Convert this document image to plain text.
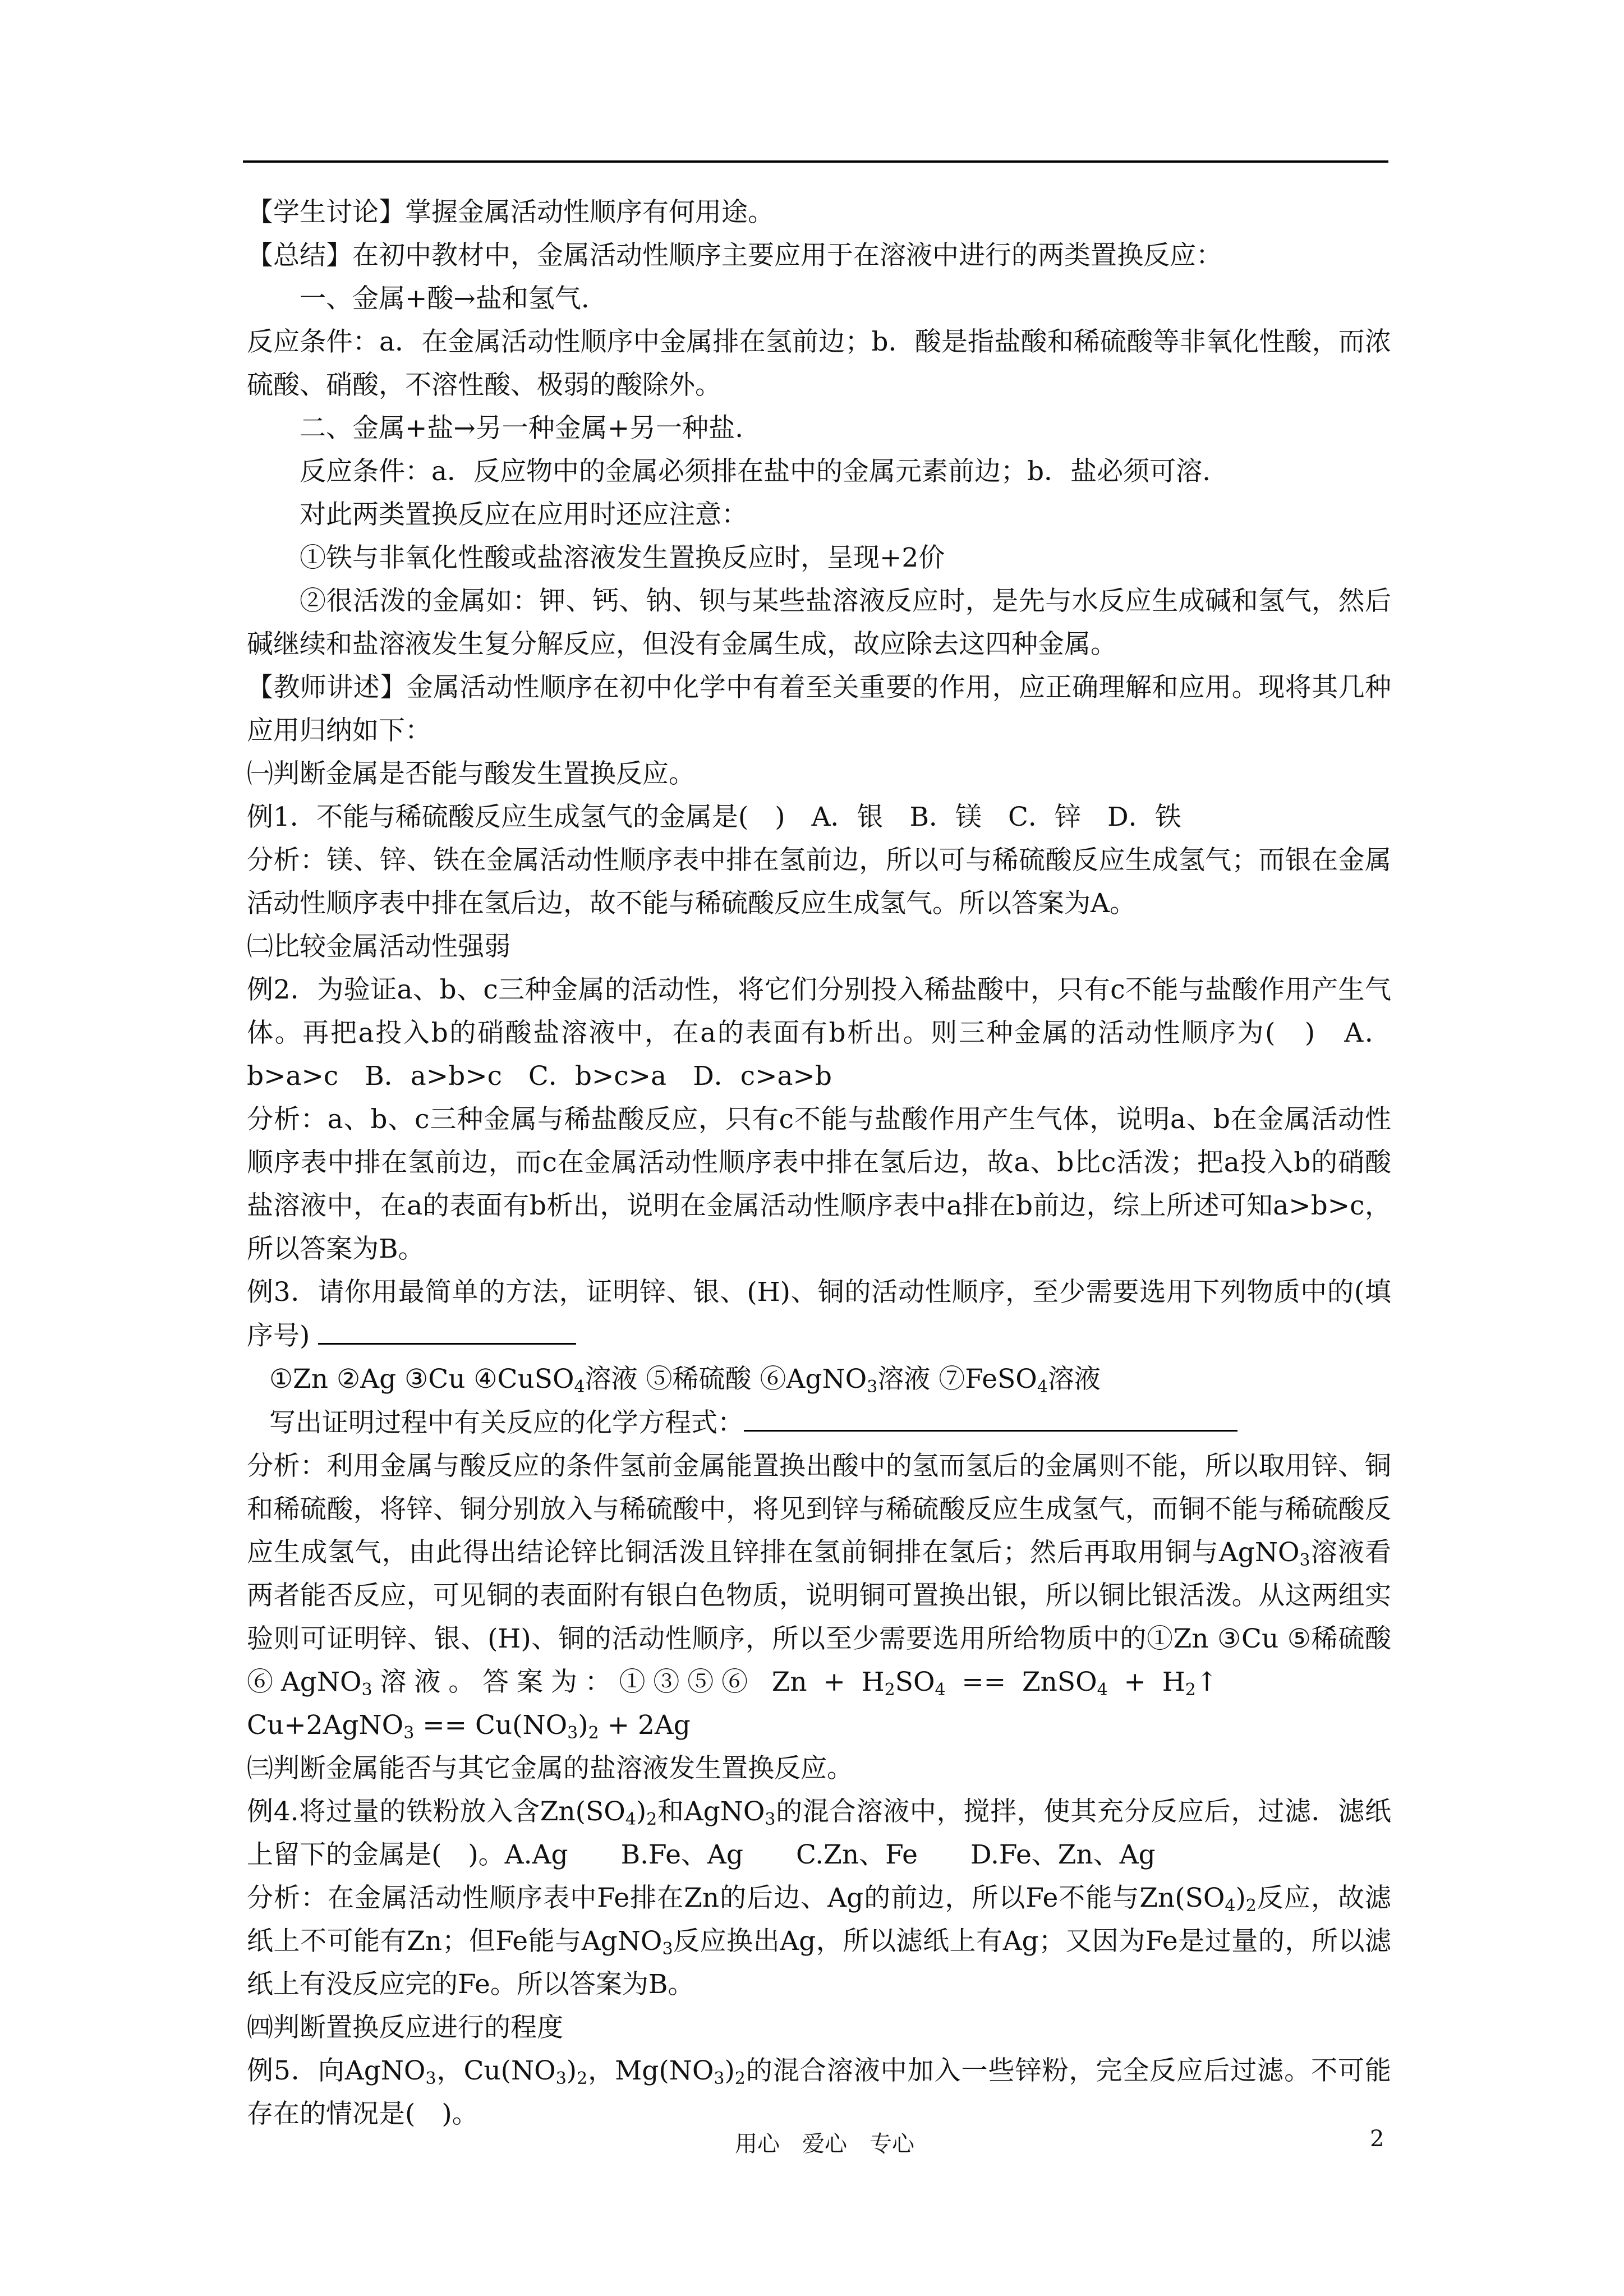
【学生讨论】掌握金属活动性顺序有何用途。

【总结】在初中教材中，金属活动性顺序主要应用于在溶液中进行的两类置换反应：

一、金属+酸→盐和氢气.

反应条件：a．在金属活动性顺序中金属排在氢前边；b．酸是指盐酸和稀硫酸等非氧化性酸，而浓硫酸、硝酸，不溶性酸、极弱的酸除外。

二、金属+盐→另一种金属+另一种盐.

反应条件：a．反应物中的金属必须排在盐中的金属元素前边；b．盐必须可溶.

对此两类置换反应在应用时还应注意：

①铁与非氧化性酸或盐溶液发生置换反应时，呈现+2价

②很活泼的金属如：钾、钙、钠、钡与某些盐溶液反应时，是先与水反应生成碱和氢气，然后碱继续和盐溶液发生复分解反应，但没有金属生成，故应除去这四种金属。

【教师讲述】金属活动性顺序在初中化学中有着至关重要的作用，应正确理解和应用。现将其几种应用归纳如下：

㈠判断金属是否能与酸发生置换反应。

例1．不能与稀硫酸反应生成氢气的金属是(　)　A．银　B．镁　C．锌　D．铁

分析：镁、锌、铁在金属活动性顺序表中排在氢前边，所以可与稀硫酸反应生成氢气；而银在金属活动性顺序表中排在氢后边，故不能与稀硫酸反应生成氢气。所以答案为A。

㈡比较金属活动性强弱

例2．为验证a、b、c三种金属的活动性，将它们分别投入稀盐酸中，只有c不能与盐酸作用产生气体。再把a投入b的硝酸盐溶液中，在a的表面有b析出。则三种金属的活动性顺序为(　)　A．b>a>c　B．a>b>c　C．b>c>a　D．c>a>b

分析：a、b、c三种金属与稀盐酸反应，只有c不能与盐酸作用产生气体，说明a、b在金属活动性顺序表中排在氢前边，而c在金属活动性顺序表中排在氢后边，故a、b比c活泼；把a投入b的硝酸盐溶液中，在a的表面有b析出，说明在金属活动性顺序表中a排在b前边，综上所述可知a>b>c，所以答案为B。

例3．请你用最简单的方法，证明锌、银、(H)、铜的活动性顺序，至少需要选用下列物质中的(填序号)

①Zn ②Ag ③Cu ④CuSO$_4$溶液 ⑤稀硫酸 ⑥AgNO$_3$溶液 ⑦FeSO$_4$溶液

写出证明过程中有关反应的化学方程式：

分析：利用金属与酸反应的条件氢前金属能置换出酸中的氢而氢后的金属则不能，所以取用锌、铜和稀硫酸，将锌、铜分别放入与稀硫酸中，将见到锌与稀硫酸反应生成氢气，而铜不能与稀硫酸反应生成氢气，由此得出结论锌比铜活泼且锌排在氢前铜排在氢后；然后再取用铜与AgNO$_3$溶液看两者能否反应，可见铜的表面附有银白色物质，说明铜可置换出银，所以铜比银活泼。从这两组实验则可证明锌、银、(H)、铜的活动性顺序，所以至少需要选用所给物质中的①Zn ③Cu ⑤稀硫酸 ⑥AgNO$_3$溶液。答案为：①③⑤⑥ $Zn + H_2SO_4$ == ZnSO$_4$ + $H_2↑$  Cu+2AgNO$_3$ == $Cu(NO_3)_2 + 2Ag$

㈢判断金属能否与其它金属的盐溶液发生置换反应。

例4.将过量的铁粉放入含$Zn(SO_4)_2$和AgNO$_3$的混合溶液中，搅拌，使其充分反应后，过滤．滤纸上留下的金属是(　)。A.Ag　　B.Fe、Ag　　C.Zn、Fe　　D.Fe、Zn、Ag

分析：在金属活动性顺序表中Fe排在Zn的后边、Ag的前边，所以Fe不能与$Zn(SO_4)_2$反应，故滤纸上不可能有Zn；但Fe能与AgNO$_3$反应换出Ag，所以滤纸上有Ag；又因为Fe是过量的，所以滤纸上有没反应完的Fe。所以答案为B。

㈣判断置换反应进行的程度

例5．向AgNO$_3$，$Cu(NO_3)_2$，$Mg(NO_3)_2$的混合溶液中加入一些锌粉，完全反应后过滤。不可能存在的情况是(　)。

用心　爱心　专心	2
